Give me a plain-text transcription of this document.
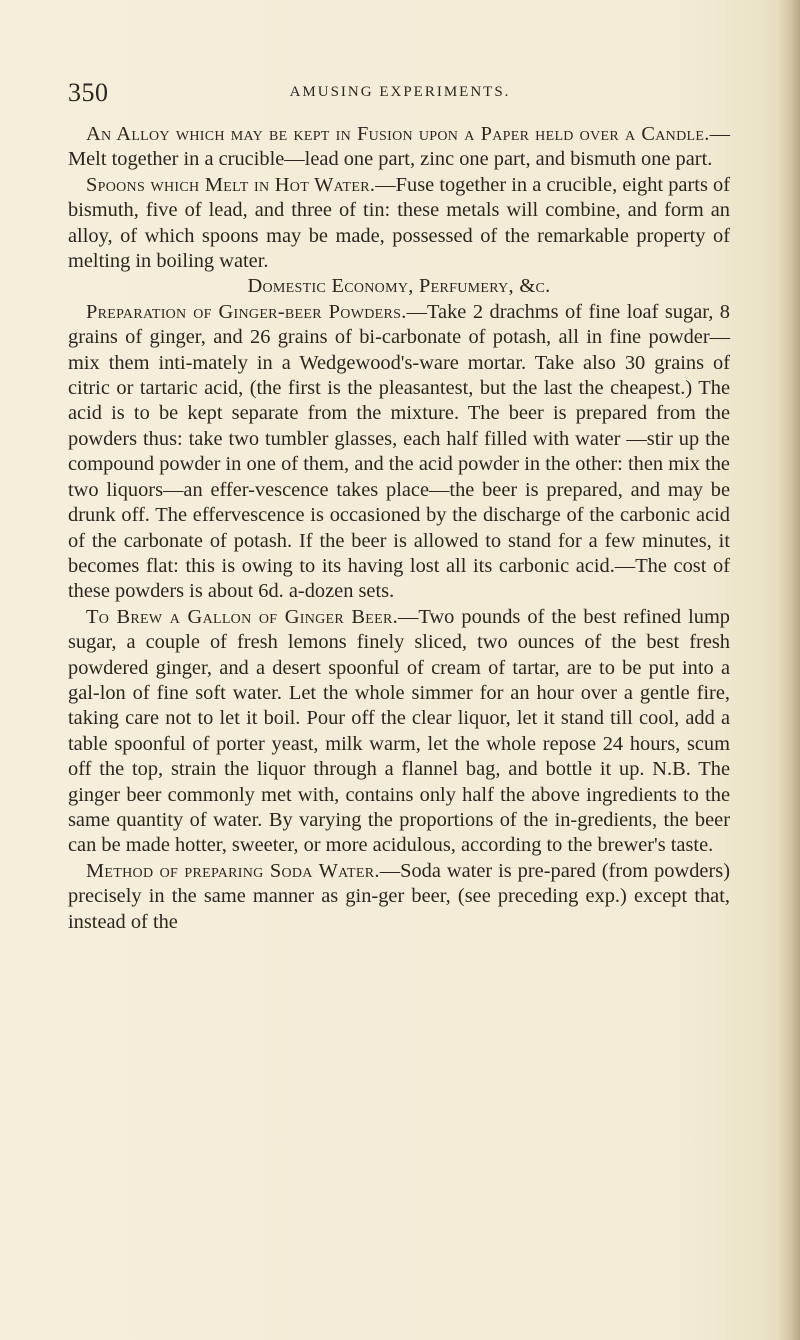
350	AMUSING EXPERIMENTS.

An Alloy which may be kept in Fusion upon a Paper held over a Candle.—Melt together in a crucible—lead one part, zinc one part, and bismuth one part.

Spoons which Melt in Hot Water.—Fuse together in a crucible, eight parts of bismuth, five of lead, and three of tin: these metals will combine, and form an alloy, of which spoons may be made, possessed of the remarkable property of melting in boiling water.

Domestic Economy, Perfumery, &c.

Preparation of Ginger-beer Powders.—Take 2 drachms of fine loaf sugar, 8 grains of ginger, and 26 grains of bi-carbonate of potash, all in fine powder—mix them inti-mately in a Wedgewood's-ware mortar. Take also 30 grains of citric or tartaric acid, (the first is the pleasantest, but the last the cheapest.) The acid is to be kept separate from the mixture. The beer is prepared from the powders thus: take two tumbler glasses, each half filled with water —stir up the compound powder in one of them, and the acid powder in the other: then mix the two liquors—an effer-vescence takes place—the beer is prepared, and may be drunk off. The effervescence is occasioned by the discharge of the carbonic acid of the carbonate of potash. If the beer is allowed to stand for a few minutes, it becomes flat: this is owing to its having lost all its carbonic acid.—The cost of these powders is about 6d. a-dozen sets.

To Brew a Gallon of Ginger Beer.—Two pounds of the best refined lump sugar, a couple of fresh lemons finely sliced, two ounces of the best fresh powdered ginger, and a desert spoonful of cream of tartar, are to be put into a gal-lon of fine soft water. Let the whole simmer for an hour over a gentle fire, taking care not to let it boil. Pour off the clear liquor, let it stand till cool, add a table spoonful of porter yeast, milk warm, let the whole repose 24 hours, scum off the top, strain the liquor through a flannel bag, and bottle it up. N.B. The ginger beer commonly met with, contains only half the above ingredients to the same quantity of water. By varying the proportions of the in-gredients, the beer can be made hotter, sweeter, or more acidulous, according to the brewer's taste.

Method of preparing Soda Water.—Soda water is pre-pared (from powders) precisely in the same manner as gin-ger beer, (see preceding exp.) except that, instead of the
